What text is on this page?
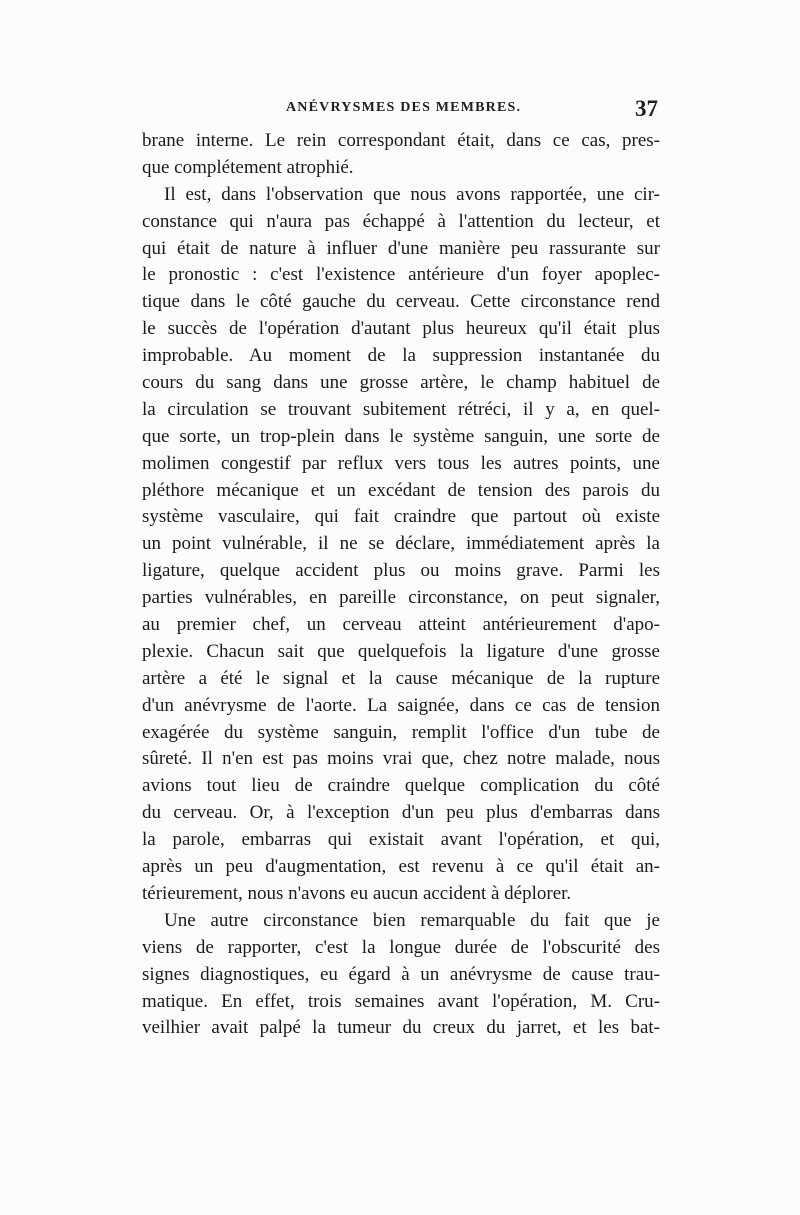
ANÉVRYSMES DES MEMBRES.	37
brane interne. Le rein correspondant était, dans ce cas, pres-
que complétement atrophié.
Il est, dans l'observation que nous avons rapportée, une cir-
constance qui n'aura pas échappé à l'attention du lecteur, et
qui était de nature à influer d'une manière peu rassurante sur
le pronostic : c'est l'existence antérieure d'un foyer apoplec-
tique dans le côté gauche du cerveau. Cette circonstance rend
le succès de l'opération d'autant plus heureux qu'il était plus
improbable. Au moment de la suppression instantanée du
cours du sang dans une grosse artère, le champ habituel de
la circulation se trouvant subitement rétréci, il y a, en quel-
que sorte, un trop-plein dans le système sanguin, une sorte de
molimen congestif par reflux vers tous les autres points, une
pléthore mécanique et un excédant de tension des parois du
système vasculaire, qui fait craindre que partout où existe
un point vulnérable, il ne se déclare, immédiatement après la
ligature, quelque accident plus ou moins grave. Parmi les
parties vulnérables, en pareille circonstance, on peut signaler,
au premier chef, un cerveau atteint antérieurement d'apo-
plexie. Chacun sait que quelquefois la ligature d'une grosse
artère a été le signal et la cause mécanique de la rupture
d'un anévrysme de l'aorte. La saignée, dans ce cas de tension
exagérée du système sanguin, remplit l'office d'un tube de
sûreté. Il n'en est pas moins vrai que, chez notre malade, nous
avions tout lieu de craindre quelque complication du côté
du cerveau. Or, à l'exception d'un peu plus d'embarras dans
la parole, embarras qui existait avant l'opération, et qui,
après un peu d'augmentation, est revenu à ce qu'il était an-
térieurement, nous n'avons eu aucun accident à déplorer.
Une autre circonstance bien remarquable du fait que je
viens de rapporter, c'est la longue durée de l'obscurité des
signes diagnostiques, eu égard à un anévrysme de cause trau-
matique. En effet, trois semaines avant l'opération, M. Cru-
veilhier avait palpé la tumeur du creux du jarret, et les bat-
